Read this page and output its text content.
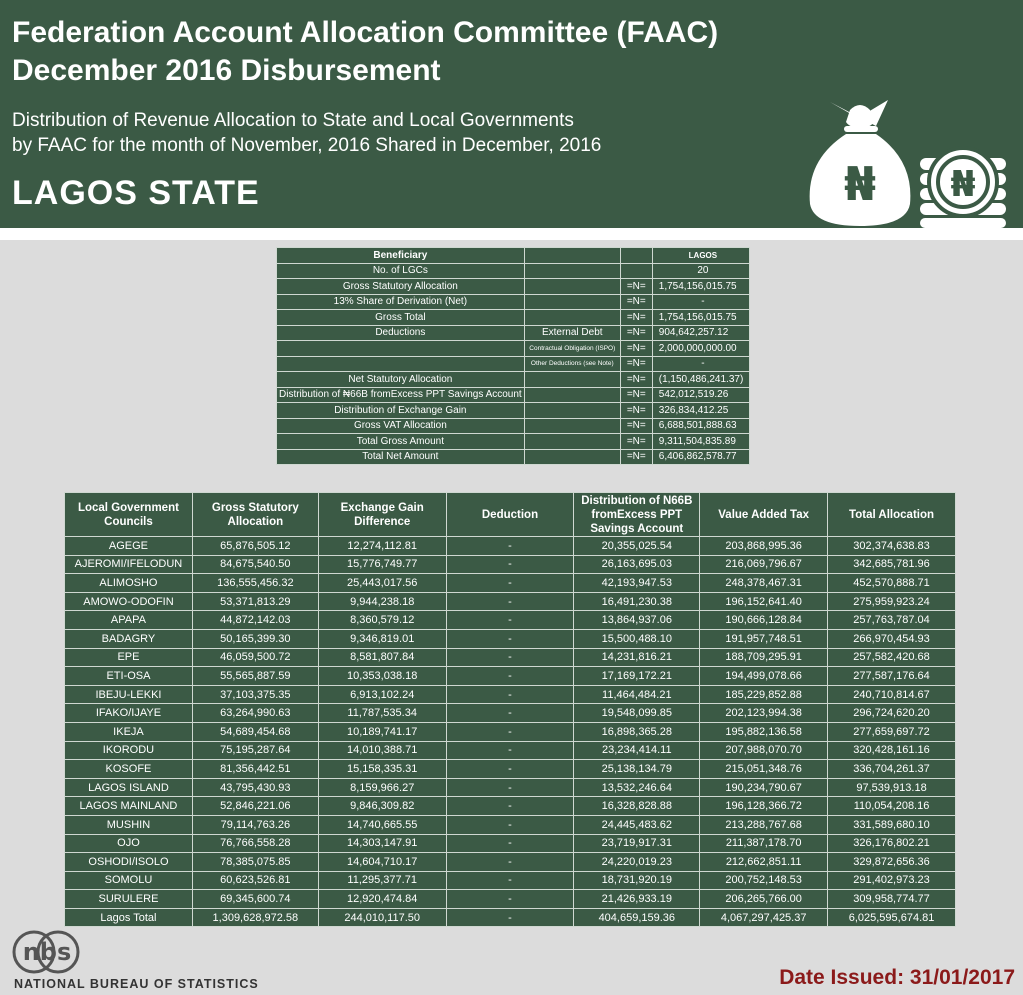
Federation Account Allocation Committee (FAAC)
December 2016 Disbursement
Distribution of Revenue Allocation to State and Local Governments
by FAAC for the month of November, 2016 Shared in December, 2016
LAGOS STATE	₦ ₦
Beneficiary			LAGOS
No. of LGCs			20
Gross Statutory Allocation		=N=	1,754,156,015.75
13% Share of Derivation (Net)		=N=	-
Gross Total		=N=	1,754,156,015.75
Deductions	External Debt	=N=	904,642,257.12
	Contractual Obligation (ISPO)	=N=	2,000,000,000.00
	Other Deductions (see Note)	=N=	-
Net Statutory Allocation		=N=	(1,150,486,241.37)
Distribution of ₦66B fromExcess PPT Savings Account		=N=	542,012,519.26
Distribution of Exchange Gain		=N=	326,834,412.25
Gross VAT Allocation		=N=	6,688,501,888.63
Total Gross Amount		=N=	9,311,504,835.89
Total Net Amount		=N=	6,406,862,578.77
Local Government Councils	Gross Statutory Allocation	Exchange Gain Difference	Deduction	Distribution of N66B fromExcess PPT Savings Account	Value Added Tax	Total Allocation
AGEGE	65,876,505.12	12,274,112.81	-	20,355,025.54	203,868,995.36	302,374,638.83
AJEROMI/IFELODUN	84,675,540.50	15,776,749.77	-	26,163,695.03	216,069,796.67	342,685,781.96
ALIMOSHO	136,555,456.32	25,443,017.56	-	42,193,947.53	248,378,467.31	452,570,888.71
AMOWO-ODOFIN	53,371,813.29	9,944,238.18	-	16,491,230.38	196,152,641.40	275,959,923.24
APAPA	44,872,142.03	8,360,579.12	-	13,864,937.06	190,666,128.84	257,763,787.04
BADAGRY	50,165,399.30	9,346,819.01	-	15,500,488.10	191,957,748.51	266,970,454.93
EPE	46,059,500.72	8,581,807.84	-	14,231,816.21	188,709,295.91	257,582,420.68
ETI-OSA	55,565,887.59	10,353,038.18	-	17,169,172.21	194,499,078.66	277,587,176.64
IBEJU-LEKKI	37,103,375.35	6,913,102.24	-	11,464,484.21	185,229,852.88	240,710,814.67
IFAKO/IJAYE	63,264,990.63	11,787,535.34	-	19,548,099.85	202,123,994.38	296,724,620.20
IKEJA	54,689,454.68	10,189,741.17	-	16,898,365.28	195,882,136.58	277,659,697.72
IKORODU	75,195,287.64	14,010,388.71	-	23,234,414.11	207,988,070.70	320,428,161.16
KOSOFE	81,356,442.51	15,158,335.31	-	25,138,134.79	215,051,348.76	336,704,261.37
LAGOS ISLAND	43,795,430.93	8,159,966.27	-	13,532,246.64	190,234,790.67	97,539,913.18
LAGOS MAINLAND	52,846,221.06	9,846,309.82	-	16,328,828.88	196,128,366.72	110,054,208.16
MUSHIN	79,114,763.26	14,740,665.55	-	24,445,483.62	213,288,767.68	331,589,680.10
OJO	76,766,558.28	14,303,147.91	-	23,719,917.31	211,387,178.70	326,176,802.21
OSHODI/ISOLO	78,385,075.85	14,604,710.17	-	24,220,019.23	212,662,851.11	329,872,656.36
SOMOLU	60,623,526.81	11,295,377.71	-	18,731,920.19	200,752,148.53	291,402,973.23
SURULERE	69,345,600.74	12,920,474.84	-	21,426,933.19	206,265,766.00	309,958,774.77
Lagos Total	1,309,628,972.58	244,010,117.50	-	404,659,159.36	4,067,297,425.37	6,025,595,674.81
nbs
NATIONAL BUREAU OF STATISTICS	Date Issued: 31/01/2017
